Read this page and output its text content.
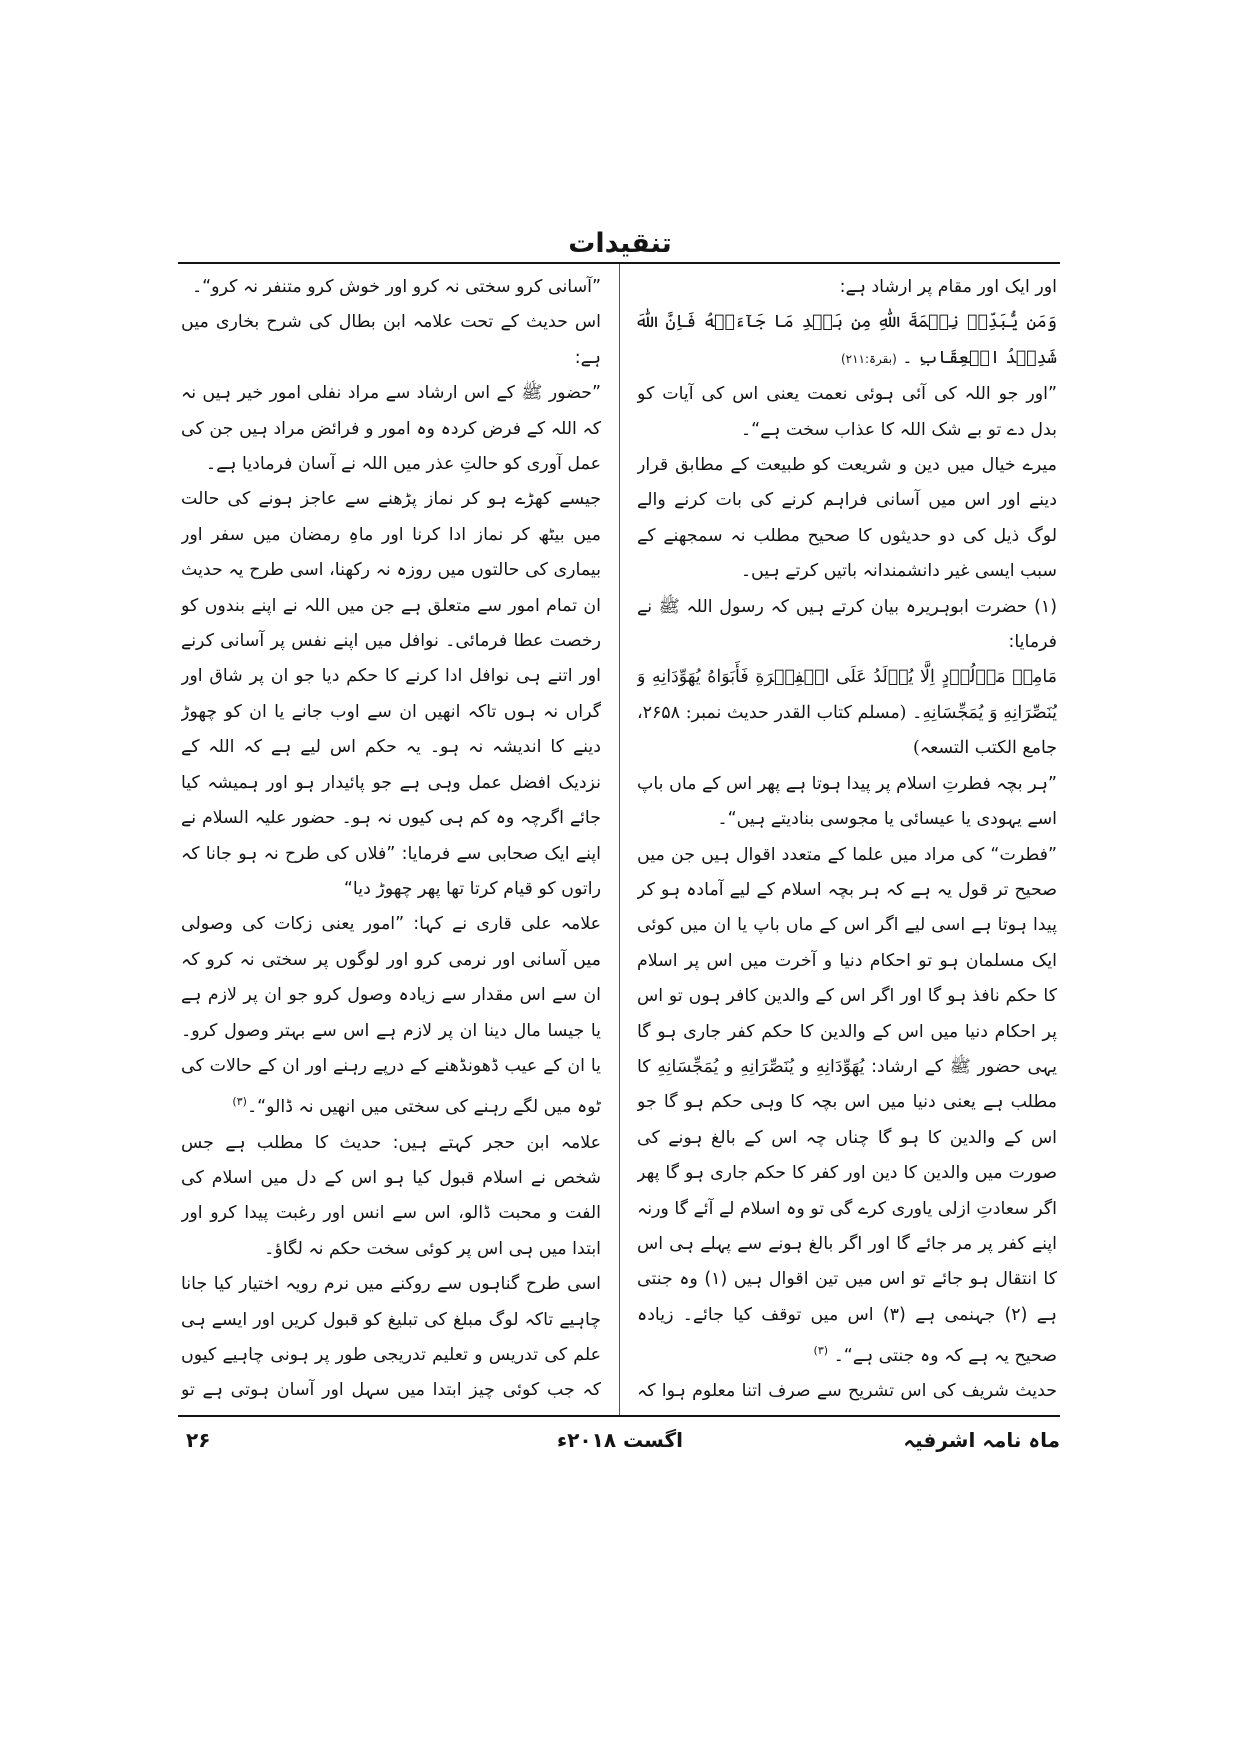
تنقیدات

اور ایک اور مقام پر ارشاد ہے:

وَمَن يُّبَدِّلۡ نِعۡمَةَ اللّٰهِ مِن بَعۡدِ مَا جَآءَتۡهُ فَاِنَّ اللّٰهَ شَدِيۡدُ الۡعِقَابِ ۔ (بقرۃ:۲۱۱)

”اور جو اللہ کی آئی ہوئی نعمت یعنی اس کی آیات کو بدل دے تو بے شک اللہ کا عذاب سخت ہے“۔

میرے خیال میں دین و شریعت کو طبیعت کے مطابق قرار دینے اور اس میں آسانی فراہم کرنے کی بات کرنے والے لوگ ذیل کی دو حدیثوں کا صحیح مطلب نہ سمجھنے کے سبب ایسی غیر دانشمندانہ باتیں کرتے ہیں۔

(۱) حضرت ابوہریرہ بیان کرتے ہیں کہ رسول اللہ ﷺ نے فرمایا:

مَامِنۡ مَوۡلُوۡدٍ اِلَّا يُوۡلَدُ عَلَى الۡفِطۡرَةِ فَأَبَوَاهُ يُهَوِّدَانِهِ وَ يُنَصِّرَانِهِ وَ يُمَجِّسَانِهِ۔ (مسلم کتاب القدر حدیث نمبر: ۲۶۵۸، جامع الکتب التسعہ)

”ہر بچہ فطرتِ اسلام پر پیدا ہوتا ہے پھر اس کے ماں باپ اسے یہودی یا عیسائی یا مجوسی بنادیتے ہیں“۔

”فطرت“ کی مراد میں علما کے متعدد اقوال ہیں جن میں صحیح تر قول یہ ہے کہ ہر بچہ اسلام کے لیے آمادہ ہو کر پیدا ہوتا ہے اسی لیے اگر اس کے ماں باپ یا ان میں کوئی ایک مسلمان ہو تو احکام دنیا و آخرت میں اس پر اسلام کا حکم نافذ ہو گا اور اگر اس کے والدین کافر ہوں تو اس پر احکام دنیا میں اس کے والدین کا حکم کفر جاری ہو گا یہی حضور ﷺ کے ارشاد: يُهَوِّدَانِهِ و يُنَصِّرَانِهِ و يُمَجِّسَانِهِ کا مطلب ہے یعنی دنیا میں اس بچہ کا وہی حکم ہو گا جو اس کے والدین کا ہو گا چناں چہ اس کے بالغ ہونے کی صورت میں والدین کا دین اور کفر کا حکم جاری ہو گا پھر اگر سعادتِ ازلی یاوری کرے گی تو وہ اسلام لے آئے گا ورنہ اپنے کفر پر مر جائے گا اور اگر بالغ ہونے سے پہلے ہی اس کا انتقال ہو جائے تو اس میں تین اقوال ہیں (۱) وہ جنتی ہے (۲) جہنمی ہے (۳) اس میں توقف کیا جائے۔ زیادہ صحیح یہ ہے کہ وہ جنتی ہے“۔ $^{(۳)}$

حدیث شریف کی اس تشریح سے صرف اتنا معلوم ہوا کہ

”آسانی کرو سختی نہ کرو اور خوش کرو متنفر نہ کرو“۔

اس حدیث کے تحت علامہ ابن بطال کی شرح بخاری میں ہے:

”حضور ﷺ کے اس ارشاد سے مراد نفلی امور خیر ہیں نہ کہ اللہ کے فرض کردہ وہ امور و فرائض مراد ہیں جن کی عمل آوری کو حالتِ عذر میں اللہ نے آسان فرمادیا ہے۔

جیسے کھڑے ہو کر نماز پڑھنے سے عاجز ہونے کی حالت میں بیٹھ کر نماز ادا کرنا اور ماہِ رمضان میں سفر اور بیماری کی حالتوں میں روزہ نہ رکھنا، اسی طرح یہ حدیث ان تمام امور سے متعلق ہے جن میں اللہ نے اپنے بندوں کو رخصت عطا فرمائی۔ نوافل میں اپنے نفس پر آسانی کرنے اور اتنے ہی نوافل ادا کرنے کا حکم دیا جو ان پر شاق اور گراں نہ ہوں تاکہ انھیں ان سے اوب جانے یا ان کو چھوڑ دینے کا اندیشہ نہ ہو۔ یہ حکم اس لیے ہے کہ اللہ کے نزدیک افضل عمل وہی ہے جو پائیدار ہو اور ہمیشہ کیا جائے اگرچہ وہ کم ہی کیوں نہ ہو۔ حضور علیہ السلام نے اپنے ایک صحابی سے فرمایا: ”فلاں کی طرح نہ ہو جانا کہ راتوں کو قیام کرتا تھا پھر چھوڑ دیا“

علامہ علی قاری نے کہا: ”امور یعنی زکات کی وصولی میں آسانی اور نرمی کرو اور لوگوں پر سختی نہ کرو کہ ان سے اس مقدار سے زیادہ وصول کرو جو ان پر لازم ہے یا جیسا مال دینا ان پر لازم ہے اس سے بہتر وصول کرو۔ یا ان کے عیب ڈھونڈھنے کے درپے رہنے اور ان کے حالات کی ٹوہ میں لگے رہنے کی سختی میں انھیں نہ ڈالو“۔$^{(۳)}$

علامہ ابن حجر کہتے ہیں: حدیث کا مطلب ہے جس شخص نے اسلام قبول کیا ہو اس کے دل میں اسلام کی الفت و محبت ڈالو، اس سے انس اور رغبت پیدا کرو اور ابتدا میں ہی اس پر کوئی سخت حکم نہ لگاؤ۔

اسی طرح گناہوں سے روکنے میں نرم رویہ اختیار کیا جانا چاہیے تاکہ لوگ مبلغ کی تبلیغ کو قبول کریں اور ایسے ہی علم کی تدریس و تعلیم تدریجی طور پر ہونی چاہیے کیوں کہ جب کوئی چیز ابتدا میں سہل اور آسان ہوتی ہے تو

ماہ نامہ اشرفیہ
اگست ۲۰۱۸ء
۲۶
